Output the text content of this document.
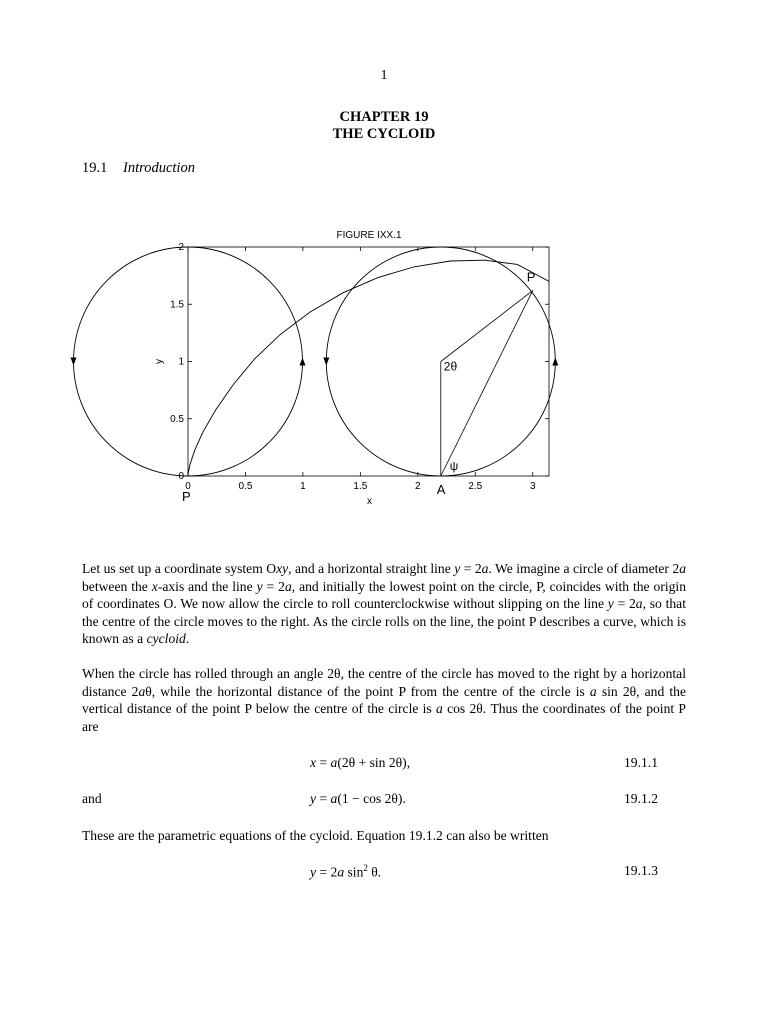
1
CHAPTER 19
THE CYCLOID
19.1 Introduction
FIGURE IXX.1
0	0.5	1	1.5	2	2.5	3
0
0.5
1
1.5
2
x
y
P
P	A
2θ
ψ

Let us set up a coordinate system Oxy, and a horizontal straight line y = 2a. We imagine a circle of diameter 2a between the x-axis and the line y = 2a, and initially the lowest point on the circle, P, coincides with the origin of coordinates O. We now allow the circle to roll counterclockwise without slipping on the line y = 2a, so that the centre of the circle moves to the right. As the circle rolls on the line, the point P describes a curve, which is known as a cycloid.

When the circle has rolled through an angle 2θ, the centre of the circle has moved to the right by a horizontal distance 2aθ, while the horizontal distance of the point P from the centre of the circle is a sin 2θ, and the vertical distance of the point P below the centre of the circle is a cos 2θ. Thus the coordinates of the point P are

x = a(2θ + sin 2θ),	19.1.1
and	y = a(1 − cos 2θ).	19.1.2

These are the parametric equations of the cycloid. Equation 19.1.2 can also be written

y = 2a $\sin^2 \theta$.	19.1.3
